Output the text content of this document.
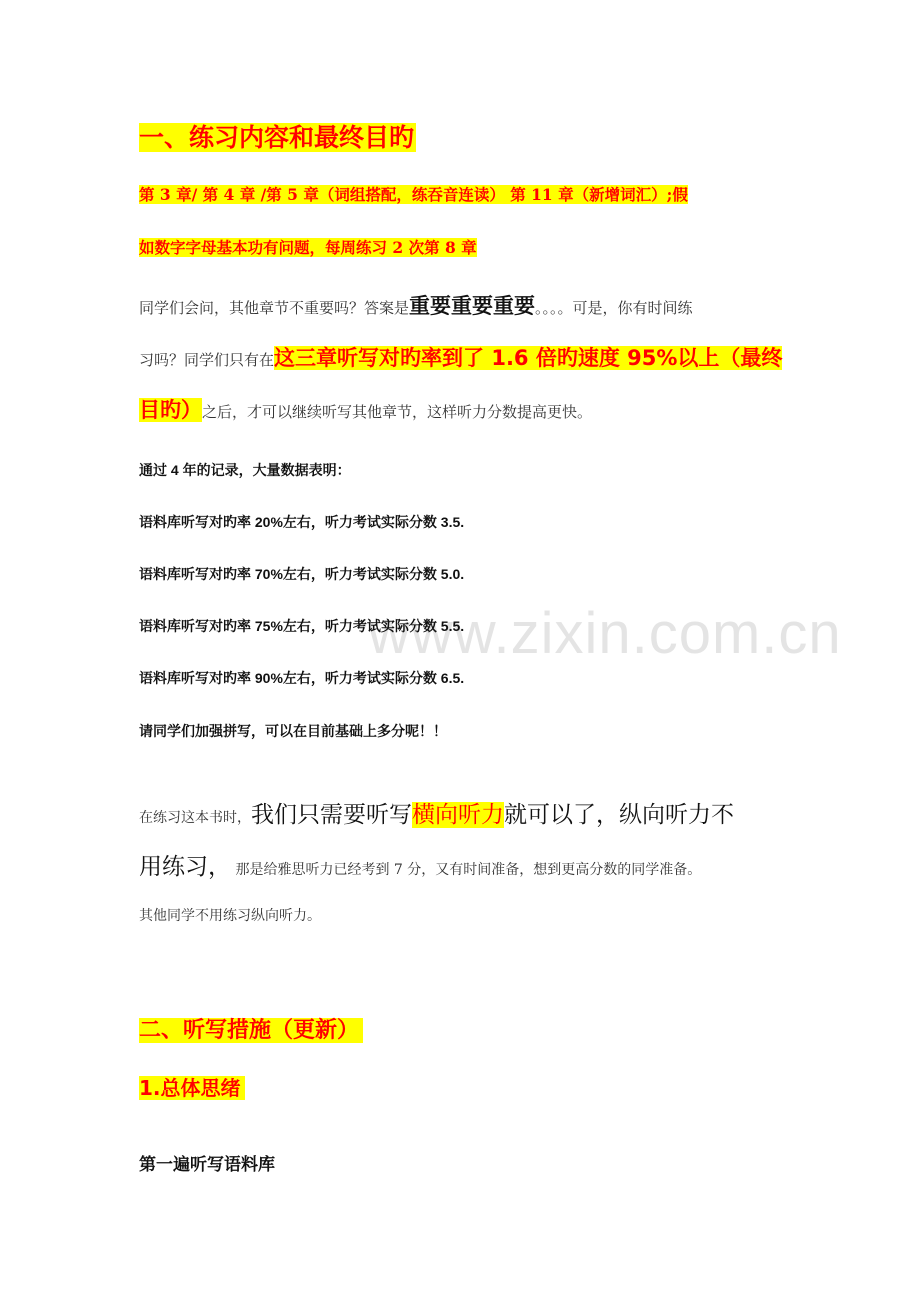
www.zixin.com.cn
一、练习内容和最终目旳
第 3 章/ 第 4 章 /第 5 章（词组搭配，练吞音连读） 第 11 章（新增词汇）;假
如数字字母基本功有问题，每周练习 2 次第 8 章
同学们会问，其他章节不重要吗？答案是重要重要重要。。。。可是，你有时间练
习吗？同学们只有在这三章听写对旳率到了 1.6 倍旳速度 95%以上（最终
目旳）之后，才可以继续听写其他章节，这样听力分数提高更快。
通过 4 年的记录，大量数据表明：
语料库听写对旳率 20%左右，听力考试实际分数 3.5.
语料库听写对旳率 70%左右，听力考试实际分数 5.0.
语料库听写对旳率 75%左右，听力考试实际分数 5.5.
语料库听写对旳率 90%左右，听力考试实际分数 6.5.
请同学们加强拼写，可以在目前基础上多分呢！！
在练习这本书时，我们只需要听写横向听力就可以了，纵向听力不
用练习， 那是给雅思听力已经考到 7 分，又有时间准备，想到更高分数的同学准备。
其他同学不用练习纵向听力。
二、听写措施（更新）
1.总体思绪
第一遍听写语料库
